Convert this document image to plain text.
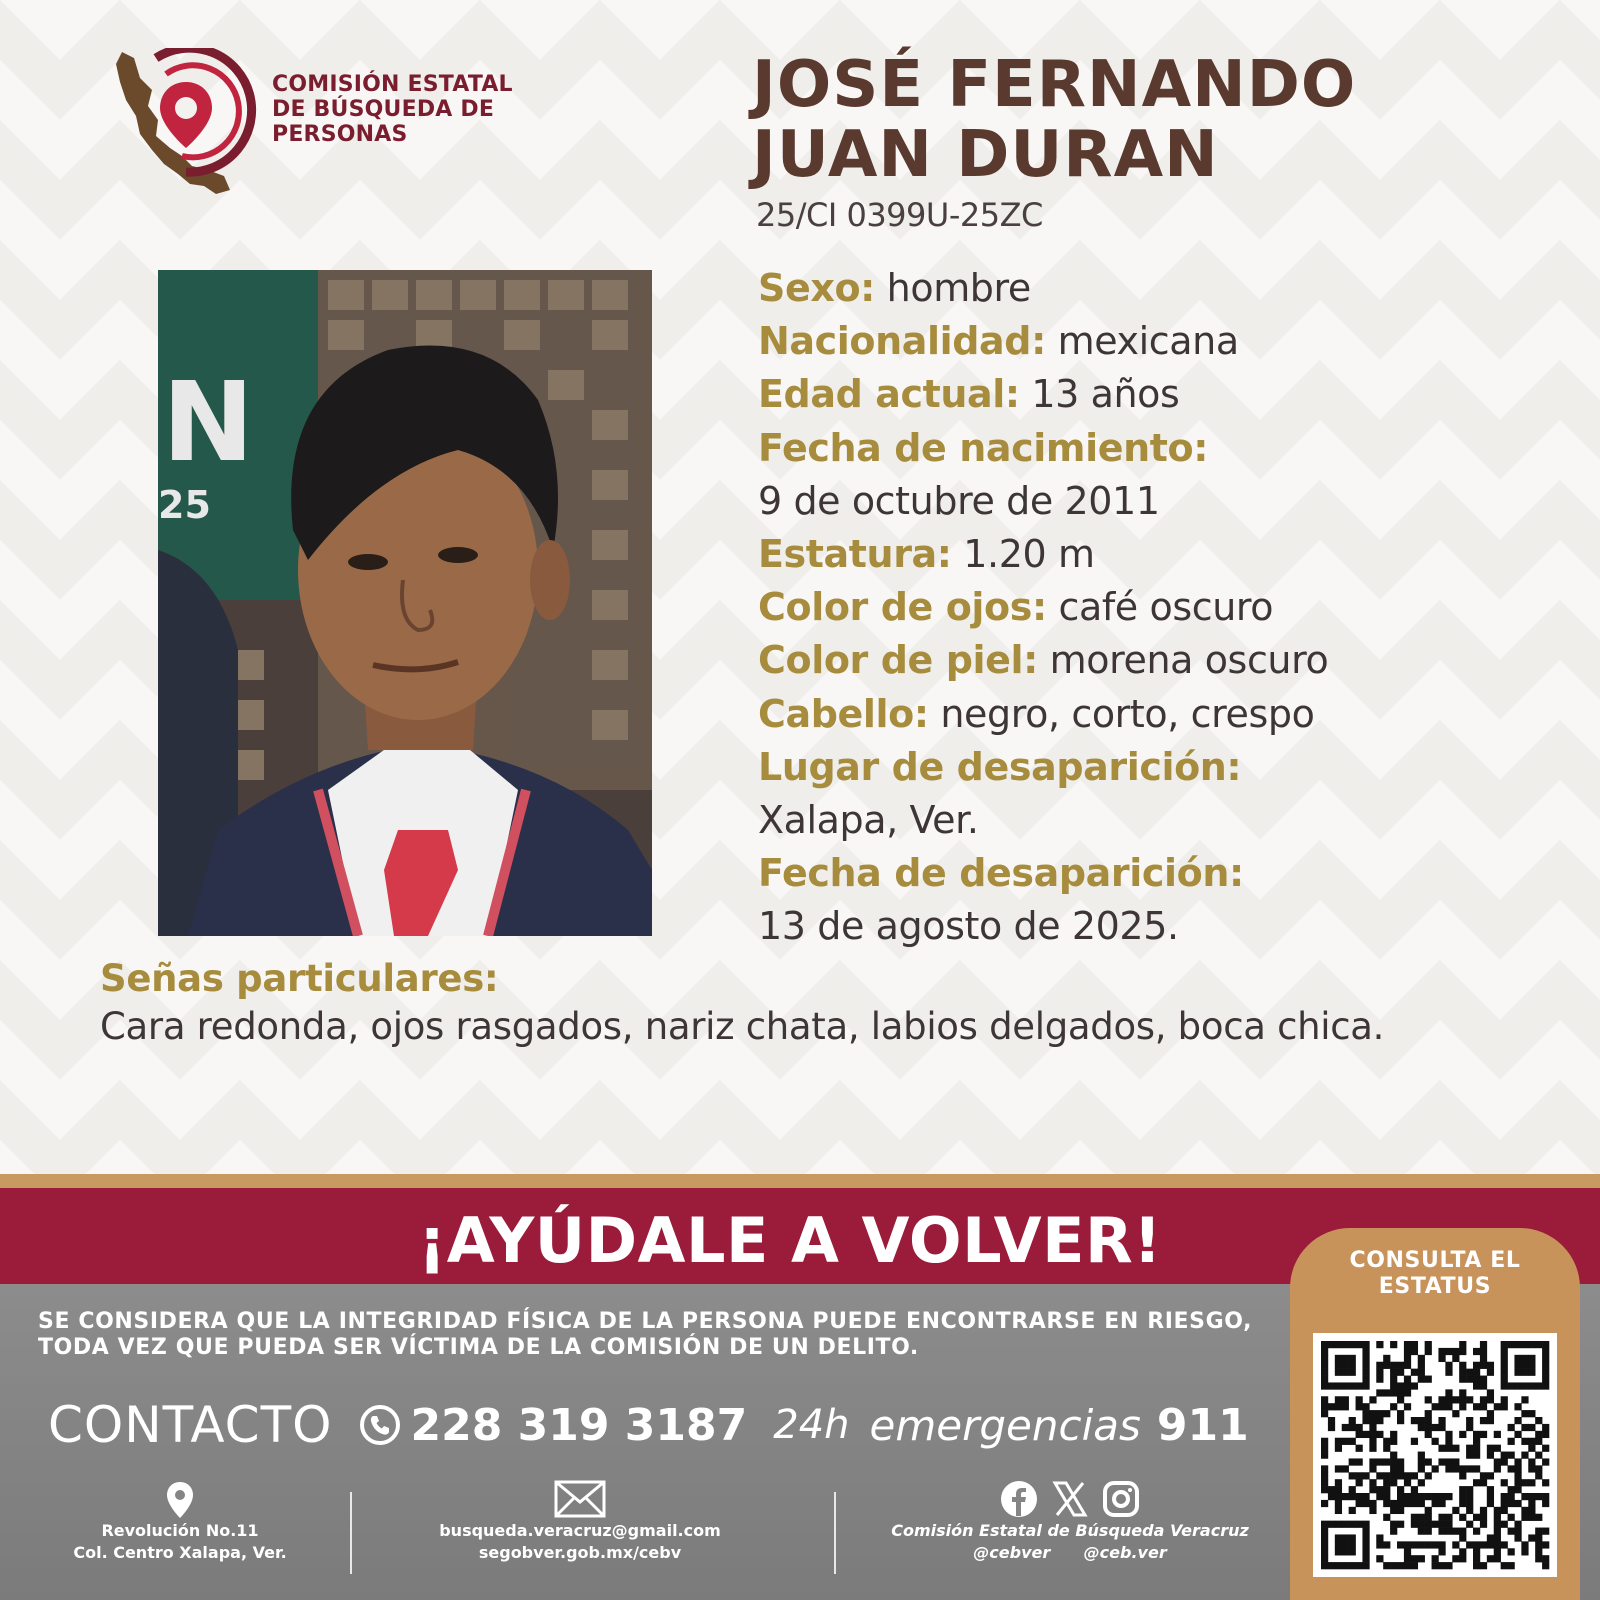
COMISIÓN ESTATAL
DE BÚSQUEDA DE
PERSONAS
JOSÉ FERNANDO
JUAN DURAN
25/CI 0399U-25ZC
N
25
Sexo: hombre
Nacionalidad: mexicana
Edad actual: 13 años
Fecha de nacimiento:
9 de octubre de 2011
Estatura: 1.20 m
Color de ojos: café oscuro
Color de piel: morena oscuro
Cabello: negro, corto, crespo
Lugar de desaparición:
Xalapa, Ver.
Fecha de desaparición:
13 de agosto de 2025.
Señas particulares:
Cara redonda, ojos rasgados, nariz chata, labios delgados, boca chica.
¡AYÚDALE A VOLVER!
SE CONSIDERA QUE LA INTEGRIDAD FÍSICA DE LA PERSONA PUEDE ENCONTRARSE EN RIESGO,
TODA VEZ QUE PUEDA SER VÍCTIMA DE LA COMISIÓN DE UN DELITO.
CONTACTO 228 319 3187 24h emergencias 911
Revolución No.11
Col. Centro Xalapa, Ver.
busqueda.veracruz@gmail.com
segobver.gob.mx/cebv
Comisión Estatal de Búsqueda Veracruz
@cebver @ceb.ver
CONSULTA EL
ESTATUS
